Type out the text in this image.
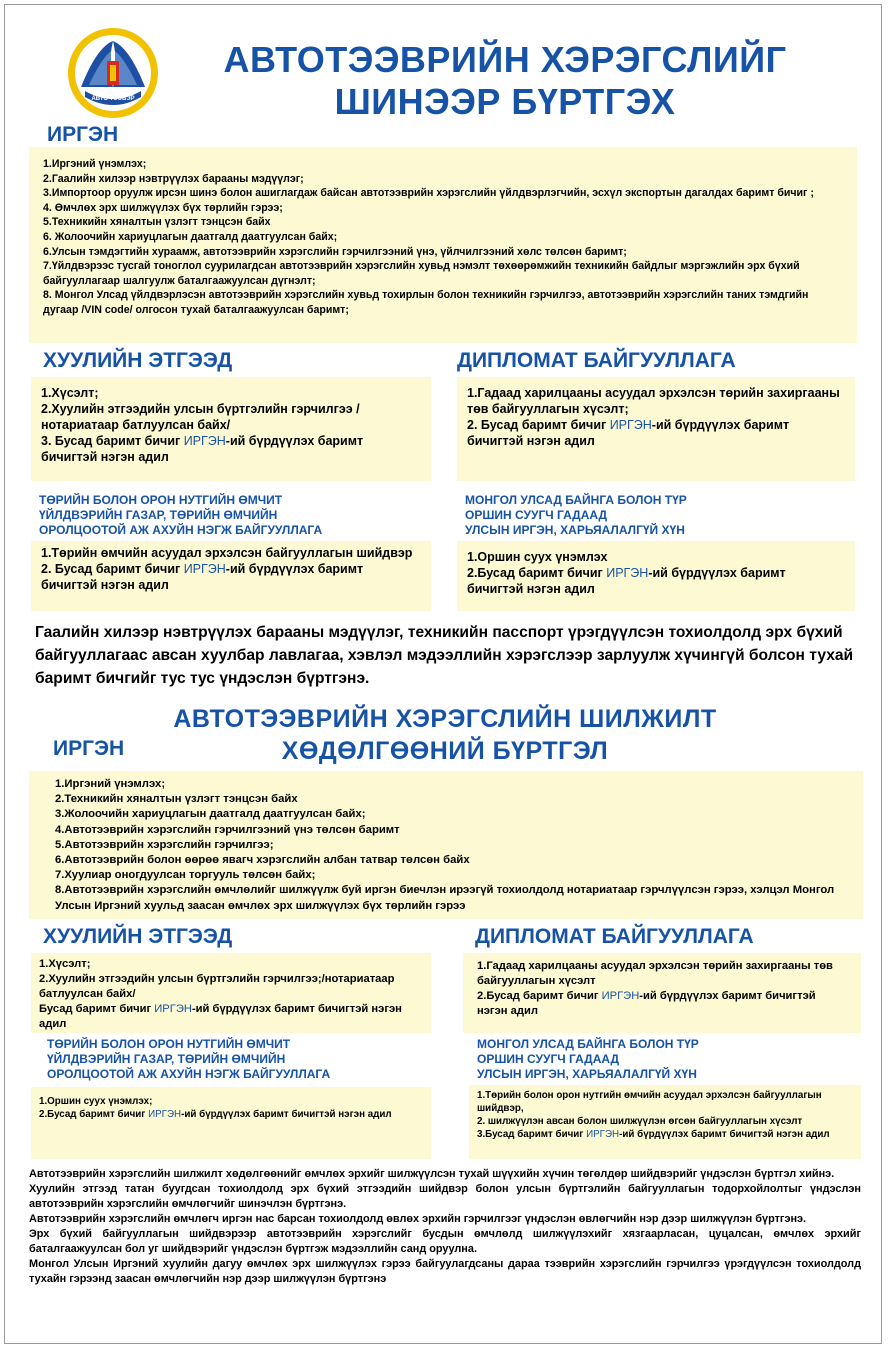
АВТО ТЭЭВЭР
АВТОТЭЭВРИЙН ХЭРЭГСЛИЙГ
ШИНЭЭР БҮРТГЭХ
ИРГЭН
1.Иргэний үнэмлэх;
2.Гаалийн хилээр нэвтрүүлэх барааны мэдүүлэг;
3.Импортоор оруулж ирсэн шинэ болон ашиглагдаж байсан автотээврийн хэрэгслийн үйлдвэрлэгчийн, эсхүл экспортын дагалдах баримт бичиг ;
4. Өмчлөх эрх шилжүүлэх бүх төрлийн гэрээ;
5.Техникийн хяналтын үзлэгт тэнцсэн байх
6. Жолоочийн хариуцлагын даатгалд даатгуулсан байх;
6.Улсын тэмдэгтийн хураамж, автотээврийн хэрэгслийн гэрчилгээний үнэ, үйлчилгээний хөлс төлсөн баримт;
7.Үйлдвэрээс тусгай тоноглол суурилагдсан автотээврийн хэрэгслийн хувьд нэмэлт төхөөрөмжийн техникийн байдлыг мэргэжлийн эрх бүхий байгууллагаар шалгуулж баталгаажуулсан дүгнэлт;
8. Монгол Улсад үйлдвэрлэсэн автотээврийн хэрэгслийн хувьд тохирлын болон техникийн гэрчилгээ, автотээврийн хэрэгслийн таних тэмдгийн дугаар /VIN code/ олгосон тухай баталгаажуулсан баримт;
ХУУЛИЙН ЭТГЭЭД
1.Хүсэлт;
2.Хуулийн этгээдийн улсын бүртгэлийн гэрчилгээ /нотариатаар батлуулсан байх/
3. Бусад баримт бичиг ИРГЭН-ий бүрдүүлэх баримт бичигтэй нэгэн адил
ДИПЛОМАТ БАЙГУУЛЛАГА
1.Гадаад харилцааны асуудал эрхэлсэн төрийн захиргааны төв байгууллагын хүсэлт;
2. Бусад баримт бичиг ИРГЭН-ий бүрдүүлэх баримт бичигтэй нэгэн адил
ТӨРИЙН БОЛОН ОРОН НУТГИЙН ӨМЧИТ
ҮЙЛДВЭРИЙН ГАЗАР, ТӨРИЙН ӨМЧИЙН
ОРОЛЦООТОЙ АЖ АХУЙН НЭГЖ БАЙГУУЛЛАГА
1.Төрийн өмчийн асуудал эрхэлсэн байгууллагын шийдвэр
2. Бусад баримт бичиг ИРГЭН-ий бүрдүүлэх баримт бичигтэй нэгэн адил
МОНГОЛ УЛСАД БАЙНГА БОЛОН ТҮР
ОРШИН СУУГЧ ГАДААД
УЛСЫН ИРГЭН, ХАРЬЯАЛАЛГҮЙ ХҮН
1.Оршин суух үнэмлэх
2.Бусад баримт бичиг ИРГЭН-ий бүрдүүлэх баримт бичигтэй нэгэн адил
Гаалийн хилээр нэвтрүүлэх барааны мэдүүлэг, техникийн пасспорт үрэгдүүлсэн тохиолдолд эрх бүхий байгууллагаас авсан хуулбар лавлагаа, хэвлэл мэдээллийн хэрэгслээр зарлуулж хүчингүй болсон тухай баримт бичгийг тус тус үндэслэн бүртгэнэ.
АВТОТЭЭВРИЙН ХЭРЭГСЛИЙН ШИЛЖИЛТ
ХӨДӨЛГӨӨНИЙ БҮРТГЭЛ
ИРГЭН
1.Иргэний үнэмлэх;
2.Техникийн хяналтын үзлэгт тэнцсэн байх
3.Жолоочийн хариуцлагын даатгалд даатгуулсан байх;
4.Автотээврийн хэрэгслийн гэрчилгээний үнэ төлсөн баримт
5.Автотээврийн хэрэгслийн гэрчилгээ;
6.Автотээврийн болон өөрөө явагч хэрэгслийн албан татвар төлсөн байх
7.Хуулиар оногдуулсан торгууль төлсөн байх;
8.Автотээврийн хэрэгслийн өмчлөлийг шилжүүлж буй иргэн биечлэн ирээгүй тохиолдолд нотариатаар гэрчлүүлсэн гэрээ, хэлцэл Монгол Улсын Иргэний хуульд заасан өмчлөх эрх шилжүүлэх бүх төрлийн гэрээ
ХУУЛИЙН ЭТГЭЭД
1.Хүсэлт;
2.Хуулийн этгээдийн улсын бүртгэлийн гэрчилгээ;/нотариатаар батлуулсан байх/
Бусад баримт бичиг ИРГЭН-ий бүрдүүлэх баримт бичигтэй нэгэн адил
ДИПЛОМАТ БАЙГУУЛЛАГА
1.Гадаад харилцааны асуудал эрхэлсэн төрийн захиргааны төв байгууллагын хүсэлт
2.Бусад баримт бичиг ИРГЭН-ий бүрдүүлэх баримт бичигтэй нэгэн адил
ТӨРИЙН БОЛОН ОРОН НУТГИЙН ӨМЧИТ
ҮЙЛДВЭРИЙН ГАЗАР, ТӨРИЙН ӨМЧИЙН
ОРОЛЦООТОЙ АЖ АХУЙН НЭГЖ БАЙГУУЛЛАГА
1.Оршин суух үнэмлэх;
2.Бусад баримт бичиг ИРГЭН-ий бүрдүүлэх баримт бичигтэй нэгэн адил
МОНГОЛ УЛСАД БАЙНГА БОЛОН ТҮР
ОРШИН СУУГЧ ГАДААД
УЛСЫН ИРГЭН, ХАРЬЯАЛАЛГҮЙ ХҮН
1.Төрийн болон орон нутгийн өмчийн асуудал эрхэлсэн байгууллагын шийдвэр,
2. шилжүүлэн авсан болон шилжүүлэн өгсөн байгууллагын хүсэлт
3.Бусад баримт бичиг ИРГЭН-ий бүрдүүлэх баримт бичигтэй нэгэн адил
Автотээврийн хэрэгслийн шилжилт хөдөлгөөнийг өмчлөх эрхийг шилжүүлсэн тухай шүүхийн хүчин төгөлдөр шийдвэрийг үндэслэн бүртгэл хийнэ.
Хуулийн этгээд татан буугдсан тохиолдолд эрх бүхий этгээдийн шийдвэр болон улсын бүртгэлийн байгууллагын тодорхойлолтыг үндэслэн автотээврийн хэрэгслийн өмчлөгчийг шинэчлэн бүртгэнэ.
Автотээврийн хэрэгслийн өмчлөгч иргэн нас барсан тохиолдолд өвлөх эрхийн гэрчилгээг үндэслэн өвлөгчийн нэр дээр шилжүүлэн бүртгэнэ.
Эрх бүхий байгууллагын шийдвэрээр автотээврийн хэрэгслийг бусдын өмчлөлд шилжүүлэхийг хязгаарласан, цуцалсан, өмчлөх эрхийг баталгаажуулсан бол уг шийдвэрийг үндэслэн бүртгэж мэдээллийн санд оруулна.
Монгол Улсын Иргэний хуулийн дагуу өмчлөх эрх шилжүүлэх гэрээ байгуулагдсаны дараа тээврийн хэрэгслийн гэрчилгээ үрэгдүүлсэн тохиолдолд тухайн гэрээнд заасан өмчлөгчийн нэр дээр шилжүүлэн бүртгэнэ
